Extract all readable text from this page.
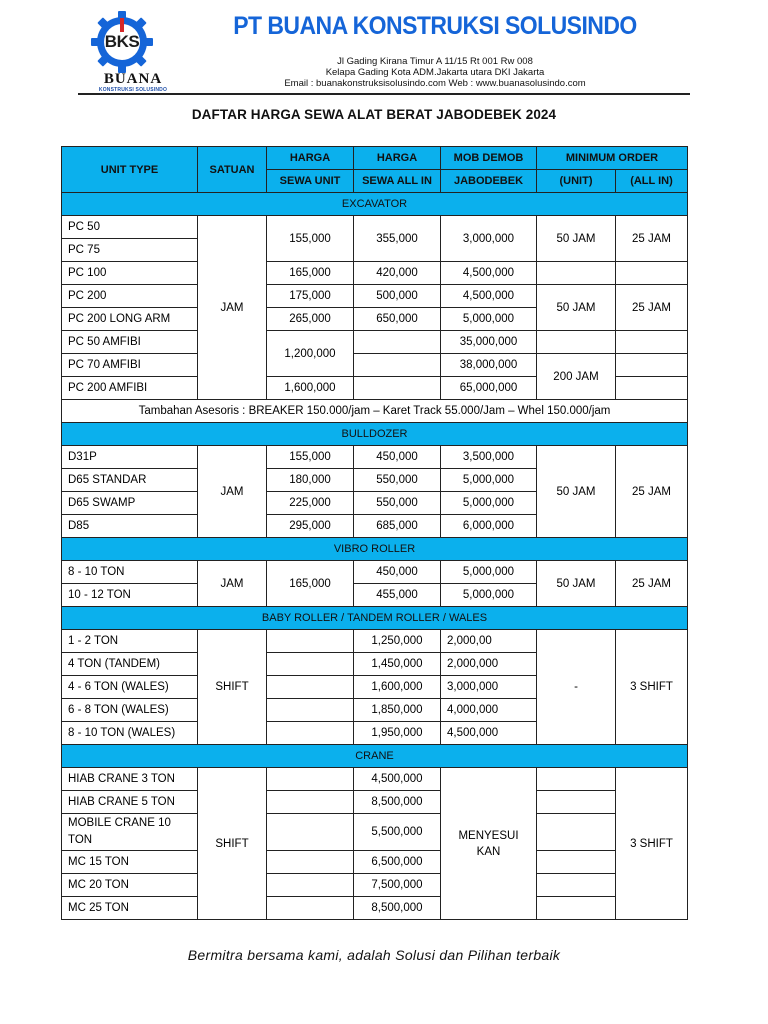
BKS
BUANA
KONSTRUKSI SOLUSINDO
PT BUANA KONSTRUKSI SOLUSINDO
Jl Gading Kirana Timur A 11/15 Rt 001 Rw 008
Kelapa Gading Kota ADM.Jakarta utara DKI Jakarta
Email : buanakonstruksisolusindo.com Web : www.buanasolusindo.com
DAFTAR HARGA SEWA ALAT BERAT JABODEBEK 2024
UNIT TYPE	SATUAN	HARGA	HARGA	MOB DEMOB	MINIMUM ORDER	
		SEWA UNIT	SEWA ALL IN	JABODEBEK	(UNIT)	(ALL IN)
EXCAVATOR						
PC 50	JAM	155,000	355,000	3,000,000	50 JAM	25 JAM
PC 75						
PC 100		165,000	420,000	4,500,000		
PC 200		175,000	500,000	4,500,000	50 JAM	25 JAM
PC 200 LONG ARM		265,000	650,000	5,000,000		
PC 50 AMFIBI		1,200,000		35,000,000		
PC 70 AMFIBI				38,000,000	200 JAM	
PC 200 AMFIBI		1,600,000		65,000,000		
Tambahan Asesoris : BREAKER 150.000/jam – Karet Track 55.000/Jam – Whel 150.000/jam						
BULLDOZER						
D31P	JAM	155,000	450,000	3,500,000	50 JAM	25 JAM
D65 STANDAR		180,000	550,000	5,000,000		
D65 SWAMP		225,000	550,000	5,000,000		
D85		295,000	685,000	6,000,000		
VIBRO ROLLER						
8 - 10 TON	JAM	165,000	450,000	5,000,000	50 JAM	25 JAM
10 - 12 TON			455,000	5,000,000		
BABY ROLLER / TANDEM ROLLER / WALES						
1 - 2 TON	SHIFT		1,250,000	2,000,00	-	3 SHIFT
4 TON (TANDEM)			1,450,000	2,000,000		
4 - 6 TON (WALES)			1,600,000	3,000,000		
6 - 8 TON (WALES)			1,850,000	4,000,000		
8 - 10 TON (WALES)			1,950,000	4,500,000		
CRANE						
HIAB CRANE 3 TON	SHIFT		4,500,000	MENYESUIKAN		3 SHIFT
HIAB CRANE 5 TON			8,500,000			
MOBILE CRANE 10 TON			5,500,000			
MC 15 TON			6,500,000			
MC 20 TON			7,500,000			
MC 25 TON			8,500,000			
Bermitra bersama kami, adalah Solusi dan Pilihan terbaik
